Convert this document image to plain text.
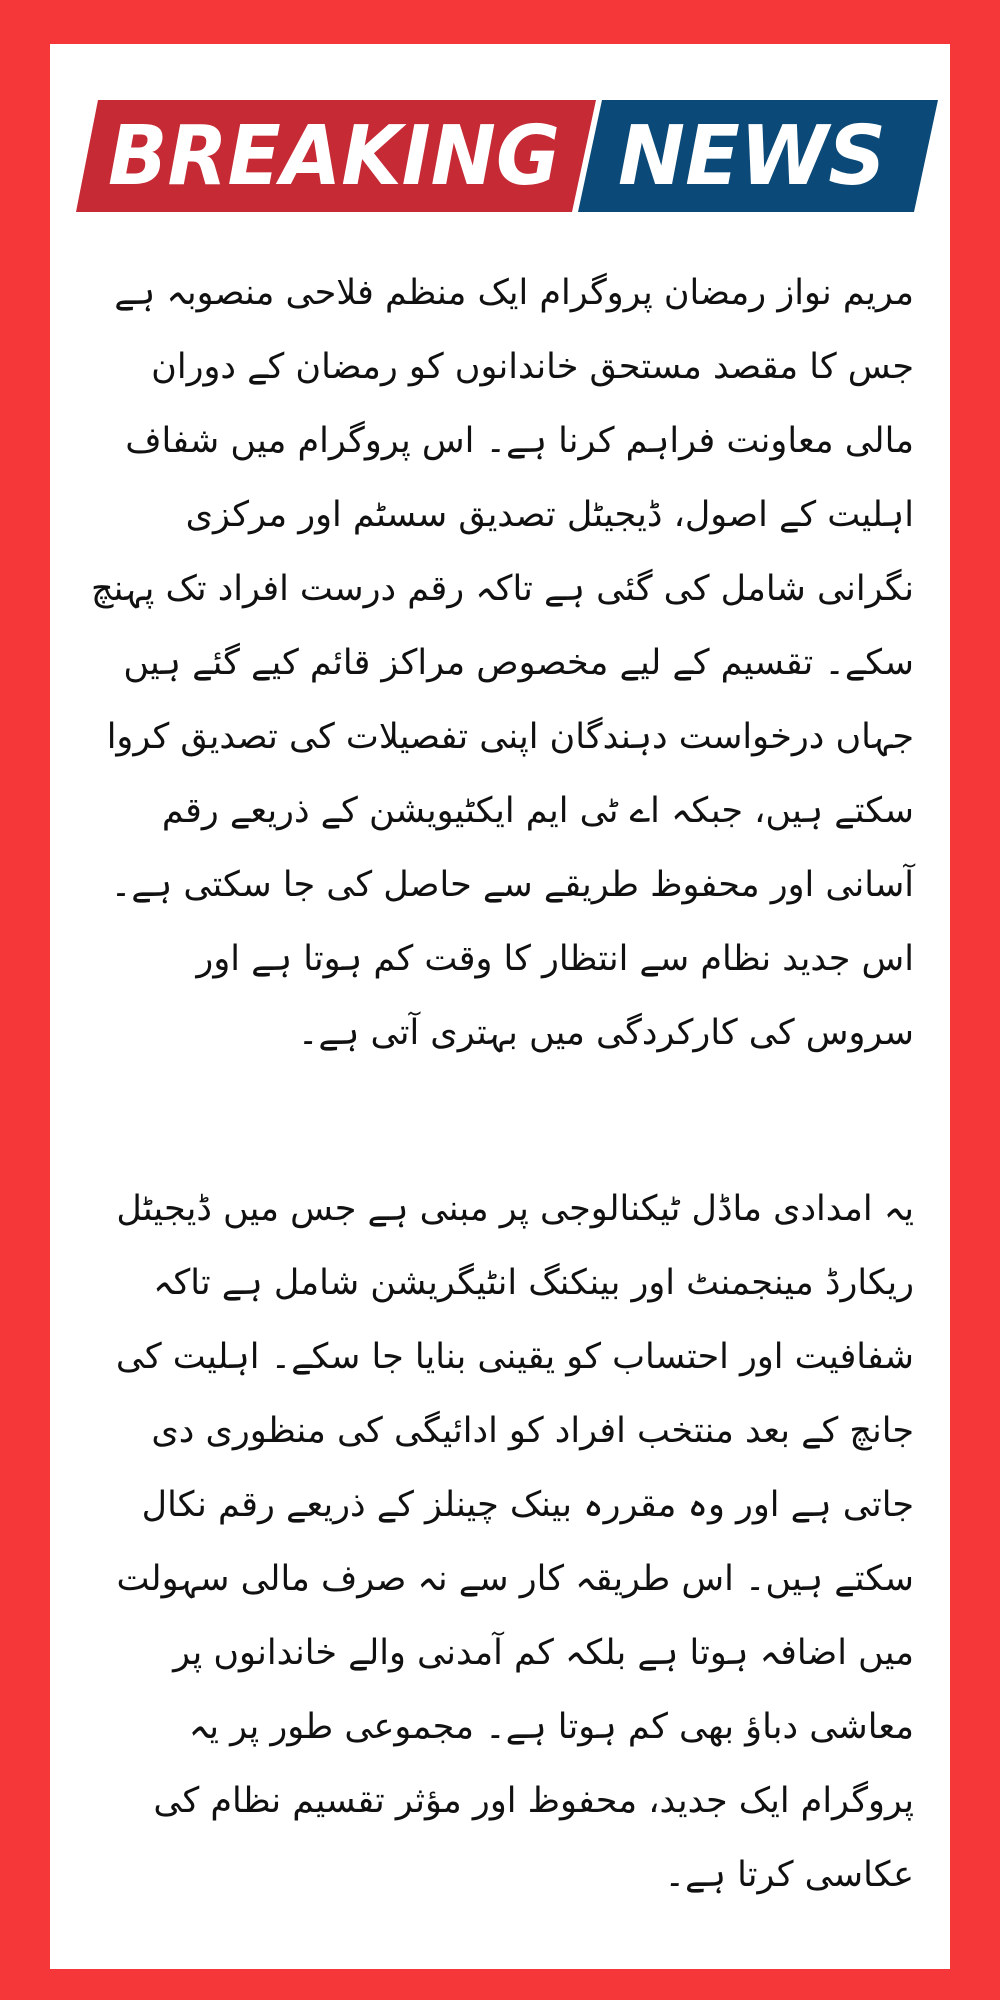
BREAKING NEWS

مریم نواز رمضان پروگرام ایک منظم فلاحی منصوبہ ہے جس کا مقصد مستحق خاندانوں کو رمضان کے دوران مالی معاونت فراہم کرنا ہے۔ اس پروگرام میں شفاف اہلیت کے اصول، ڈیجیٹل تصدیق سسٹم اور مرکزی نگرانی شامل کی گئی ہے تاکہ رقم درست افراد تک پہنچ سکے۔ تقسیم کے لیے مخصوص مراکز قائم کیے گئے ہیں جہاں درخواست دہندگان اپنی تفصیلات کی تصدیق کروا سکتے ہیں، جبکہ اے ٹی ایم ایکٹیویشن کے ذریعے رقم آسانی اور محفوظ طریقے سے حاصل کی جا سکتی ہے۔ اس جدید نظام سے انتظار کا وقت کم ہوتا ہے اور سروس کی کارکردگی میں بہتری آتی ہے۔

یہ امدادی ماڈل ٹیکنالوجی پر مبنی ہے جس میں ڈیجیٹل ریکارڈ مینجمنٹ اور بینکنگ انٹیگریشن شامل ہے تاکہ شفافیت اور احتساب کو یقینی بنایا جا سکے۔ اہلیت کی جانچ کے بعد منتخب افراد کو ادائیگی کی منظوری دی جاتی ہے اور وہ مقررہ بینک چینلز کے ذریعے رقم نکال سکتے ہیں۔ اس طریقہ کار سے نہ صرف مالی سہولت میں اضافہ ہوتا ہے بلکہ کم آمدنی والے خاندانوں پر معاشی دباؤ بھی کم ہوتا ہے۔ مجموعی طور پر یہ پروگرام ایک جدید، محفوظ اور مؤثر تقسیم نظام کی عکاسی کرتا ہے۔
